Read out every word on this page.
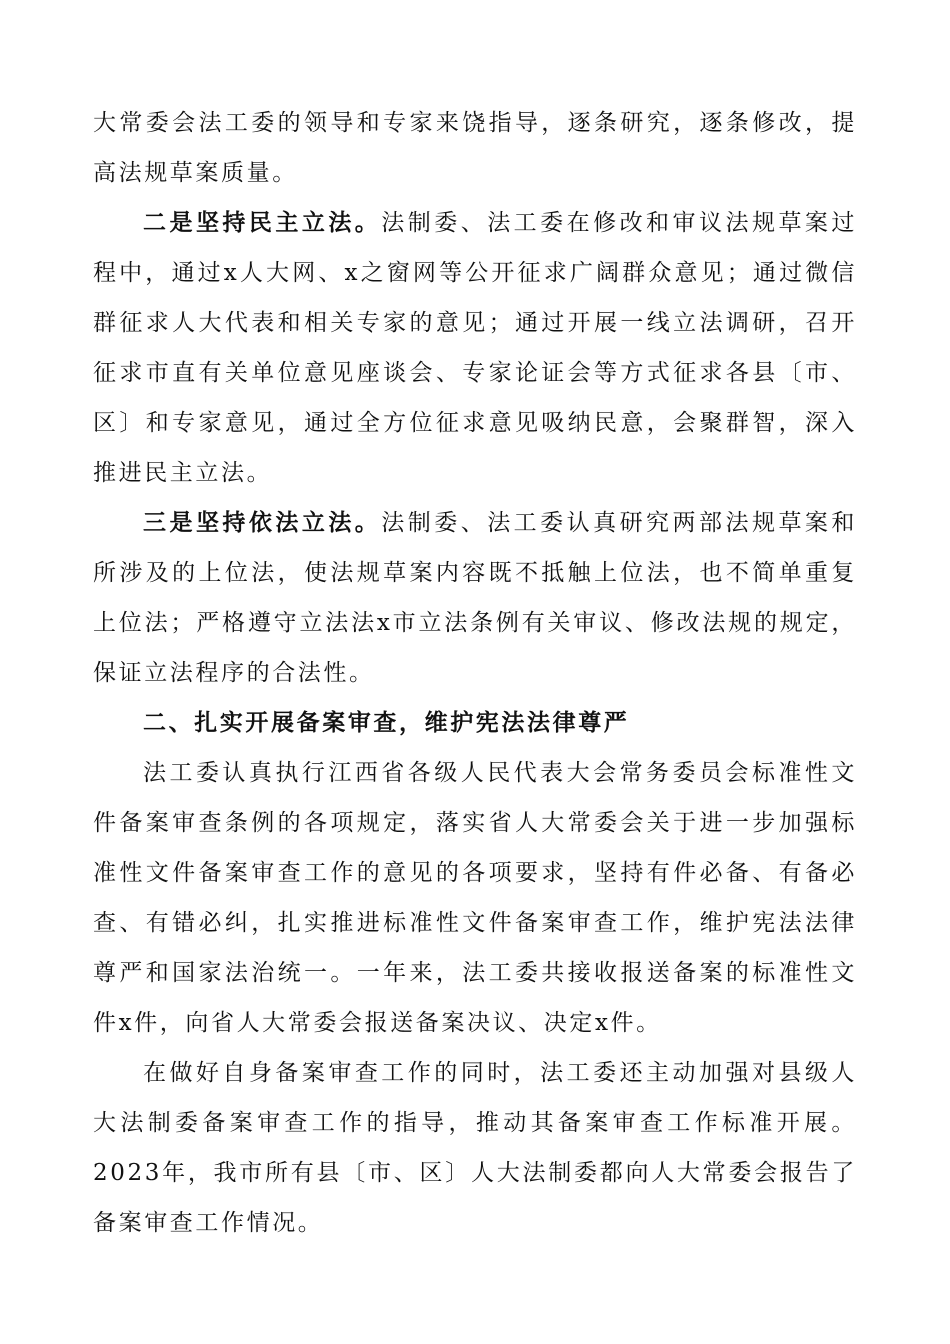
大常委会法工委的领导和专家来饶指导，逐条研究，逐条修改，提高法规草案质量。

二是坚持民主立法。法制委、法工委在修改和审议法规草案过程中，通过x人大网、x之窗网等公开征求广阔群众意见；通过微信群征求人大代表和相关专家的意见；通过开展一线立法调研，召开征求市直有关单位意见座谈会、专家论证会等方式征求各县〔市、区〕和专家意见，通过全方位征求意见吸纳民意，会聚群智，深入推进民主立法。

三是坚持依法立法。法制委、法工委认真研究两部法规草案和所涉及的上位法，使法规草案内容既不抵触上位法，也不简单重复上位法；严格遵守立法法x市立法条例有关审议、修改法规的规定，保证立法程序的合法性。

二、扎实开展备案审查，维护宪法法律尊严

法工委认真执行江西省各级人民代表大会常务委员会标准性文件备案审查条例的各项规定，落实省人大常委会关于进一步加强标准性文件备案审查工作的意见的各项要求，坚持有件必备、有备必查、有错必纠，扎实推进标准性文件备案审查工作，维护宪法法律尊严和国家法治统一。一年来，法工委共接收报送备案的标准性文件x件，向省人大常委会报送备案决议、决定x件。

在做好自身备案审查工作的同时，法工委还主动加强对县级人大法制委备案审查工作的指导，推动其备案审查工作标准开展。2023年，我市所有县〔市、区〕人大法制委都向人大常委会报告了备案审查工作情况。
